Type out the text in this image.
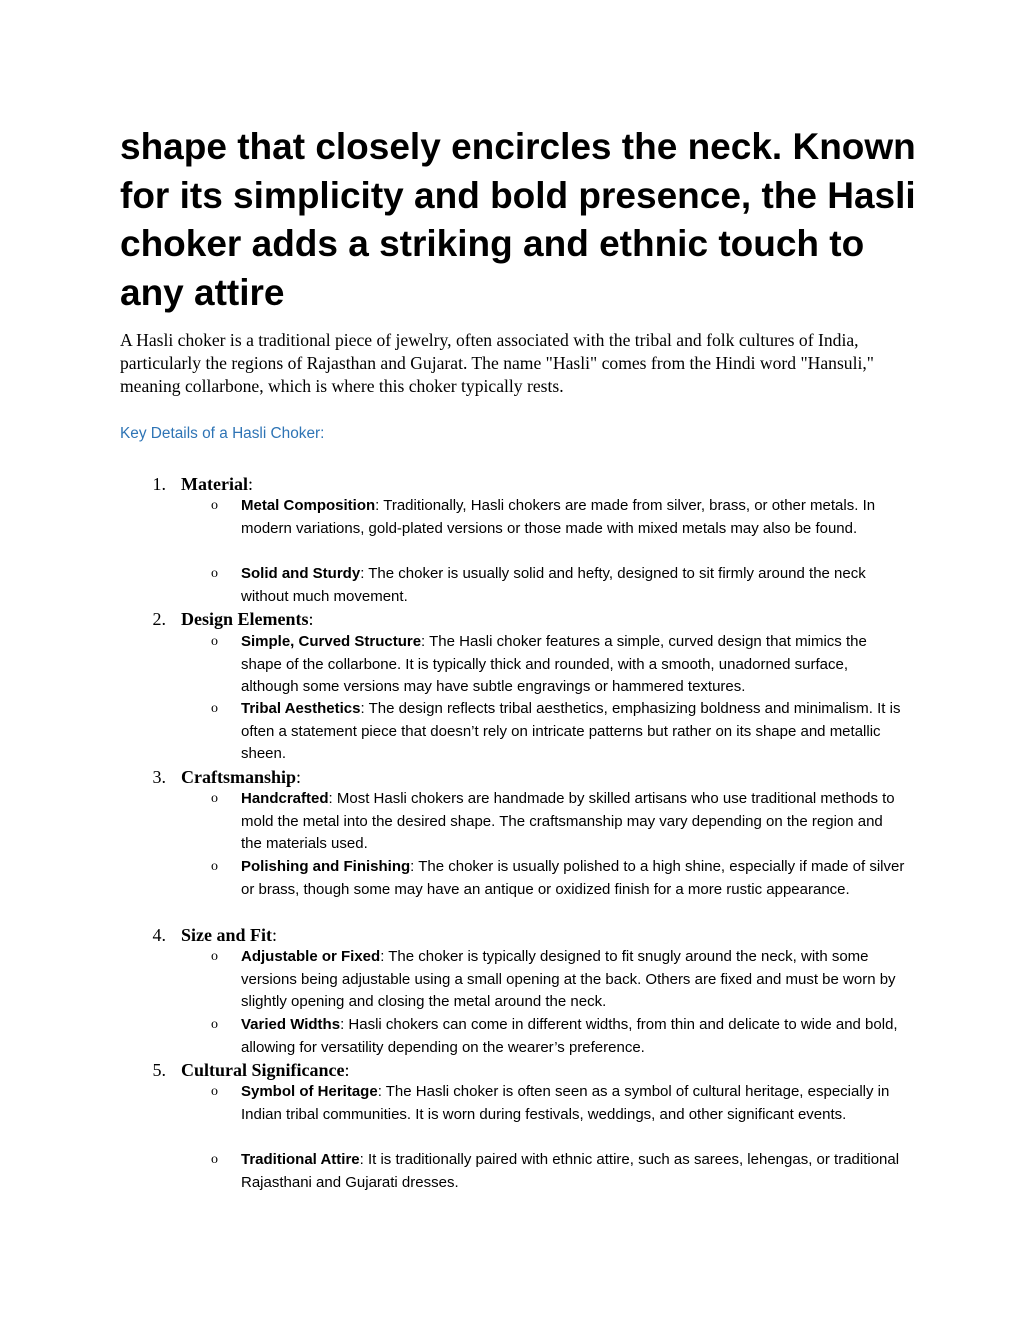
shape that closely encircles the neck. Known for its simplicity and bold presence, the Hasli choker adds a striking and ethnic touch to any attire

A Hasli choker is a traditional piece of jewelry, often associated with the tribal and folk cultures of India, particularly the regions of Rajasthan and Gujarat. The name "Hasli" comes from the Hindi word "Hansuli," meaning collarbone, which is where this choker typically rests.

Key Details of a Hasli Choker:

1. Material:
o Metal Composition: Traditionally, Hasli chokers are made from silver, brass, or other metals. In modern variations, gold-plated versions or those made with mixed metals may also be found.
o Solid and Sturdy: The choker is usually solid and hefty, designed to sit firmly around the neck without much movement.
2. Design Elements:
o Simple, Curved Structure: The Hasli choker features a simple, curved design that mimics the shape of the collarbone. It is typically thick and rounded, with a smooth, unadorned surface, although some versions may have subtle engravings or hammered textures.
o Tribal Aesthetics: The design reflects tribal aesthetics, emphasizing boldness and minimalism. It is often a statement piece that doesn’t rely on intricate patterns but rather on its shape and metallic sheen.
3. Craftsmanship:
o Handcrafted: Most Hasli chokers are handmade by skilled artisans who use traditional methods to mold the metal into the desired shape. The craftsmanship may vary depending on the region and the materials used.
o Polishing and Finishing: The choker is usually polished to a high shine, especially if made of silver or brass, though some may have an antique or oxidized finish for a more rustic appearance.
4. Size and Fit:
o Adjustable or Fixed: The choker is typically designed to fit snugly around the neck, with some versions being adjustable using a small opening at the back. Others are fixed and must be worn by slightly opening and closing the metal around the neck.
o Varied Widths: Hasli chokers can come in different widths, from thin and delicate to wide and bold, allowing for versatility depending on the wearer’s preference.
5. Cultural Significance:
o Symbol of Heritage: The Hasli choker is often seen as a symbol of cultural heritage, especially in Indian tribal communities. It is worn during festivals, weddings, and other significant events.
o Traditional Attire: It is traditionally paired with ethnic attire, such as sarees, lehengas, or traditional Rajasthani and Gujarati dresses.
